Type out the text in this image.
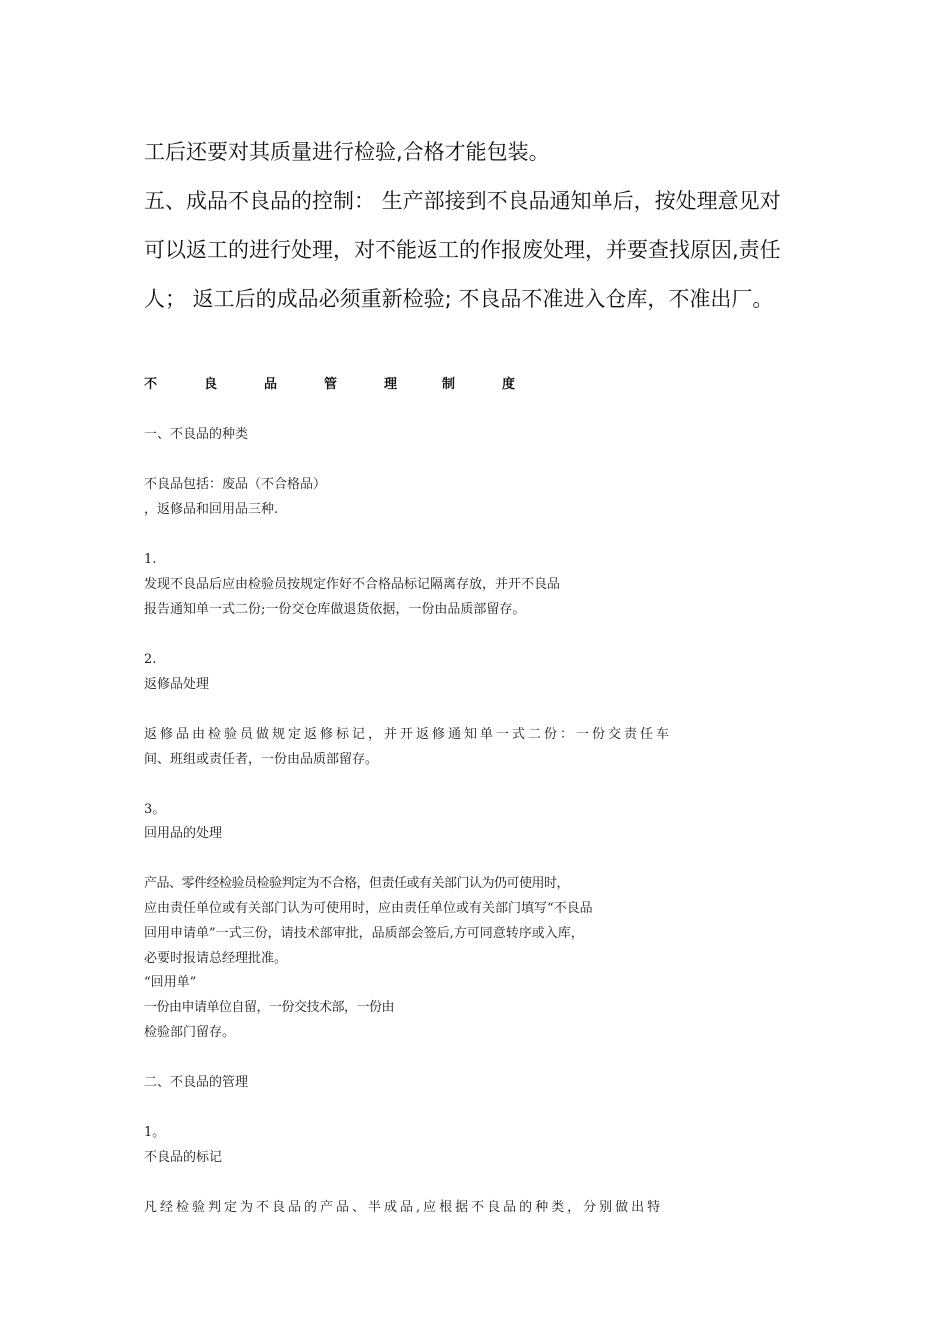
工后还要对其质量进行检验,合格才能包装。
五、成品不良品的控制： 生产部接到不良品通知单后，按处理意见对
可以返工的进行处理，对不能返工的作报废处理，并要查找原因,责任
人； 返工后的成品必须重新检验; 不良品不准进入仓库，不准出厂。
不	良	品	管	理	制	度
一、不良品的种类
不良品包括：废品（不合格品）
，返修品和回用品三种.
1.
发现不良品后应由检验员按规定作好不合格品标记隔离存放，并开不良品
报告通知单一式二份;一份交仓库做退货依据，一份由品质部留存。
2.
返修品处理
返修品由检验员做规定返修标记，并开返修通知单一式二份：一份交责任车
间、班组或责任者，一份由品质部留存。
3。
回用品的处理
产品、零件经检验员检验判定为不合格，但责任或有关部门认为仍可使用时，
应由责任单位或有关部门认为可使用时，应由责任单位或有关部门填写“不良品
回用申请单”一式三份，请技术部审批，品质部会签后,方可同意转序或入库，
必要时报请总经理批准。
“回用单”
一份由申请单位自留，一份交技术部，一份由
检验部门留存。
二、不良品的管理
1。
不良品的标记
凡经检验判定为不良品的产品、半成品,应根据不良品的种类，分别做出特
